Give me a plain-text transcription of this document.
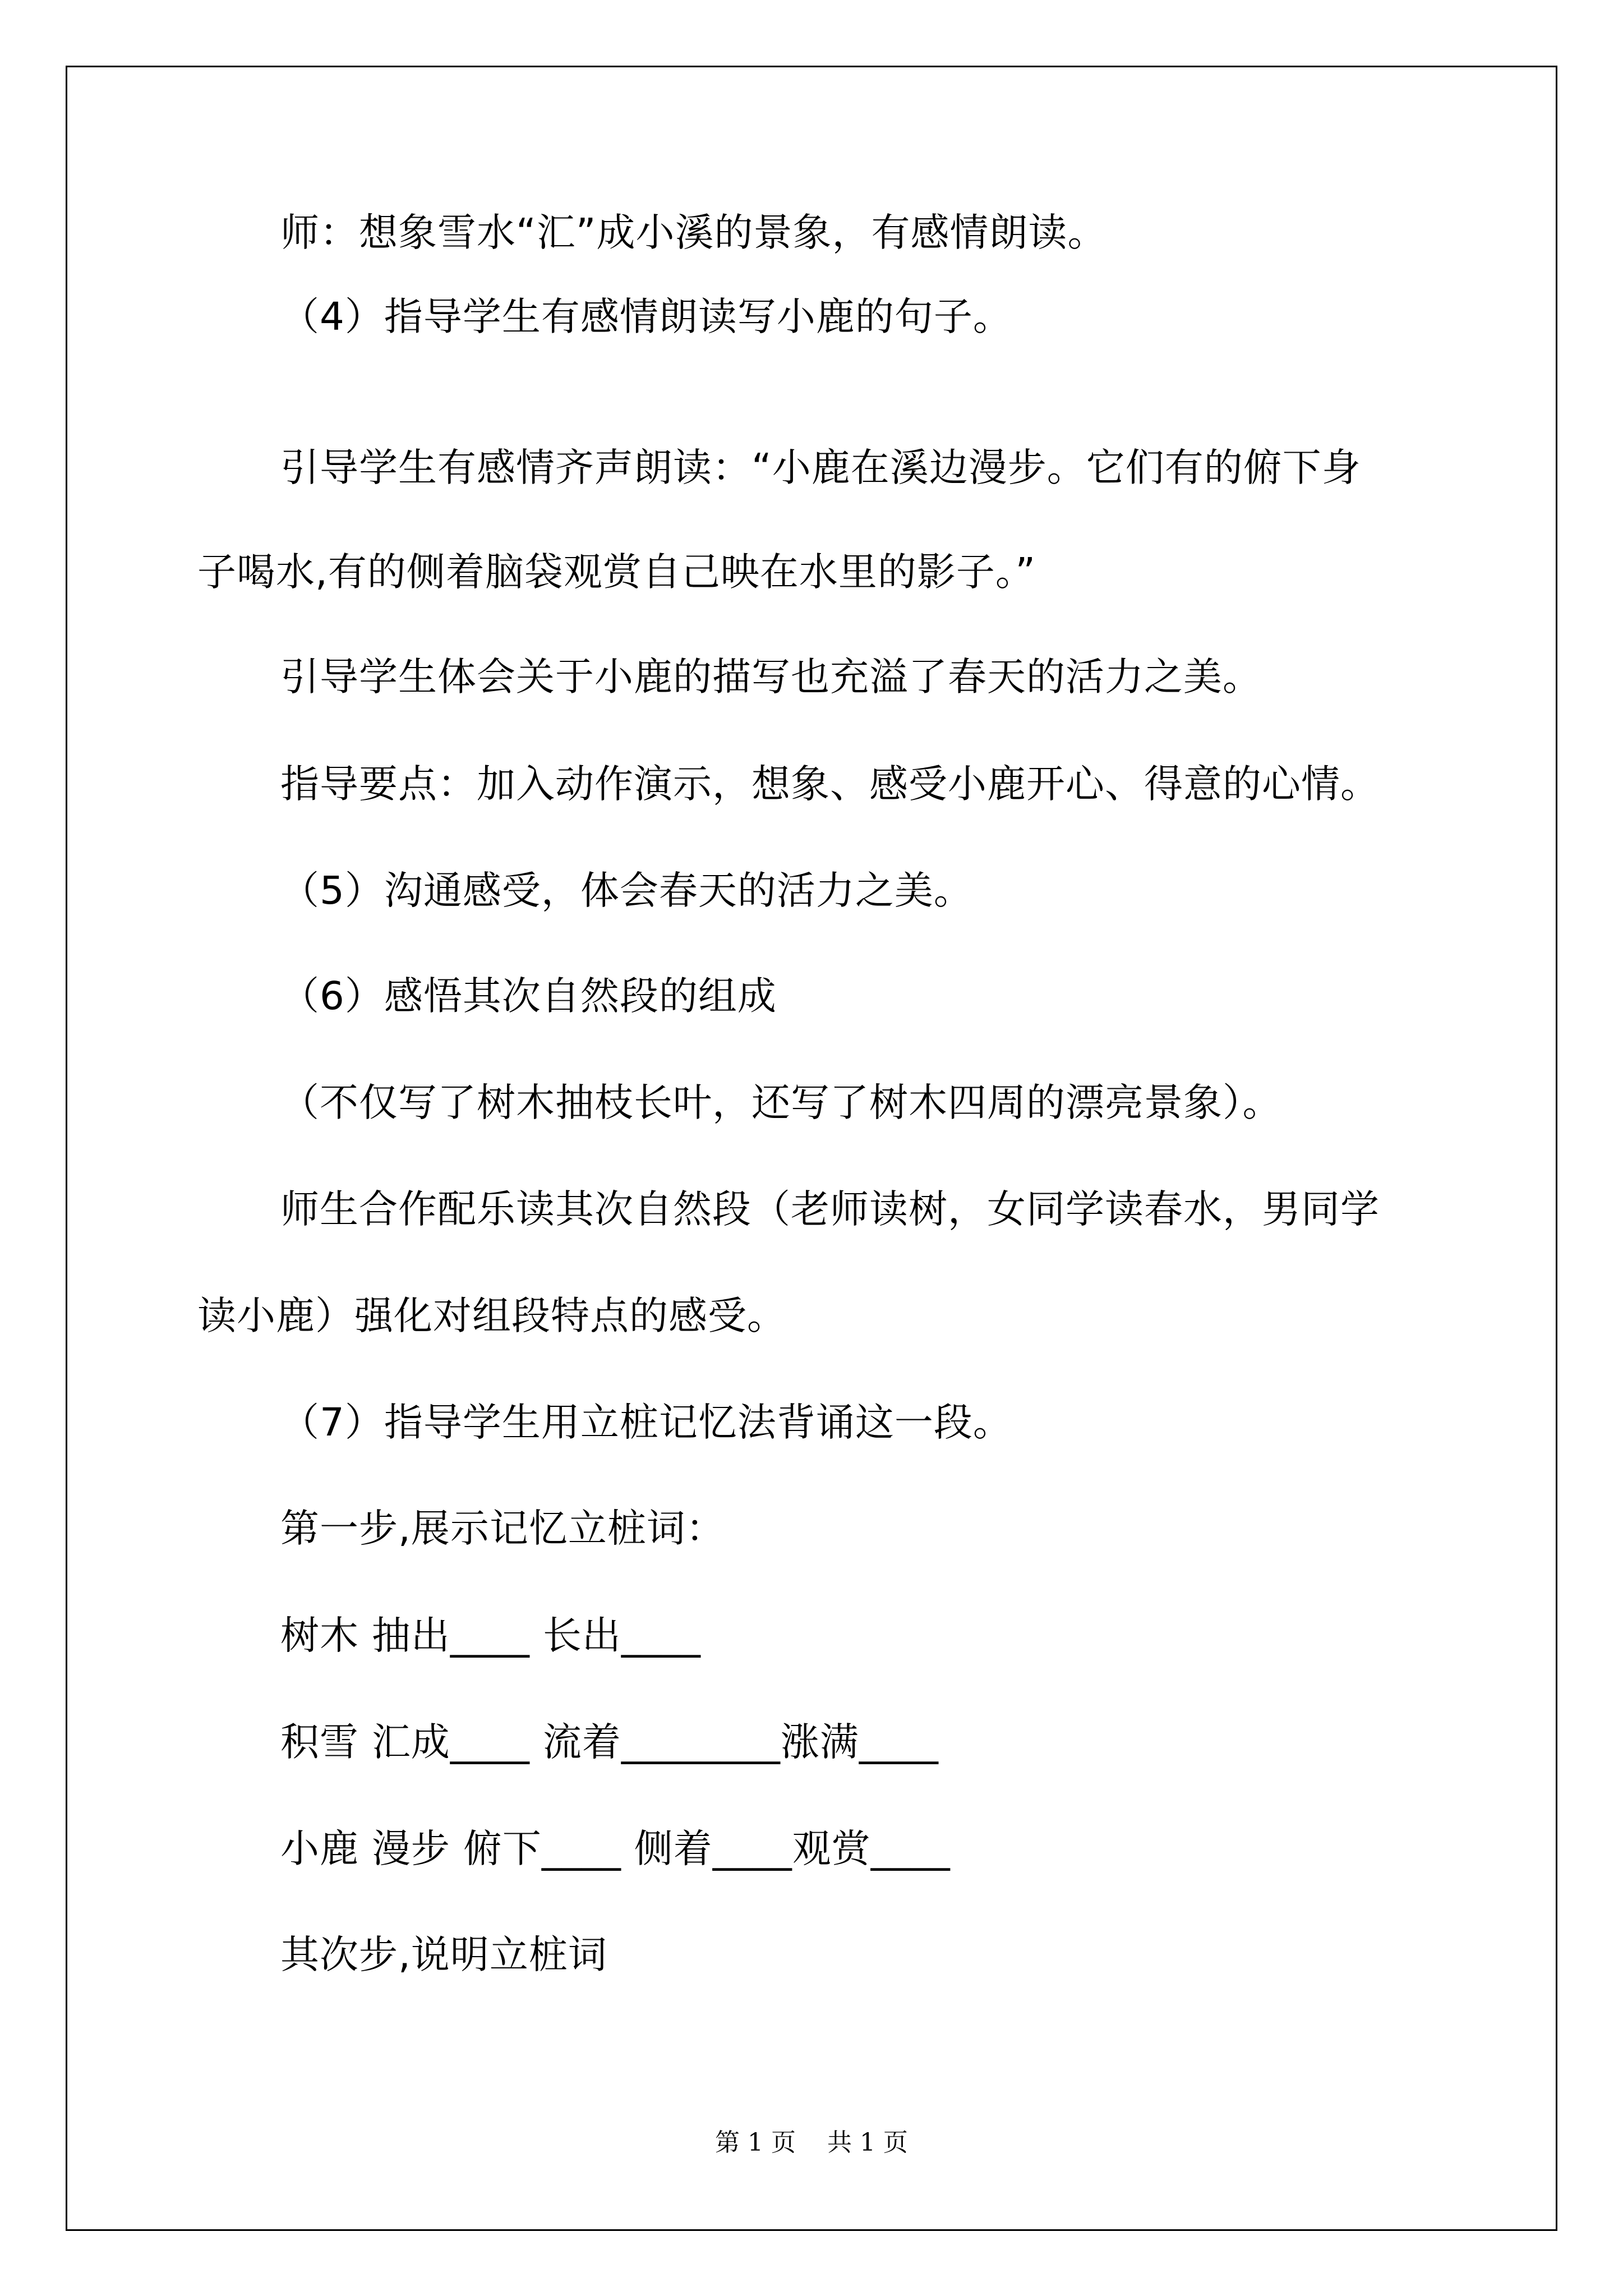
师：想象雪水“汇”成小溪的景象，有感情朗读。
（4）指导学生有感情朗读写小鹿的句子。
引导学生有感情齐声朗读：“小鹿在溪边漫步。它们有的俯下身
子喝水,有的侧着脑袋观赏自己映在水里的影子。”
引导学生体会关于小鹿的描写也充溢了春天的活力之美。
指导要点：加入动作演示，想象、感受小鹿开心、得意的心情。
（5）沟通感受，体会春天的活力之美。
（6）感悟其次自然段的组成
（不仅写了树木抽枝长叶，还写了树木四周的漂亮景象）。
师生合作配乐读其次自然段（老师读树，女同学读春水，男同学
读小鹿）强化对组段特点的感受。
（7）指导学生用立桩记忆法背诵这一段。
第一步,展示记忆立桩词：
树木 抽出____ 长出____
积雪 汇成____ 流着________涨满____
小鹿 漫步 俯下____ 侧着____观赏____
其次步,说明立桩词
第 1 页    共 1 页
